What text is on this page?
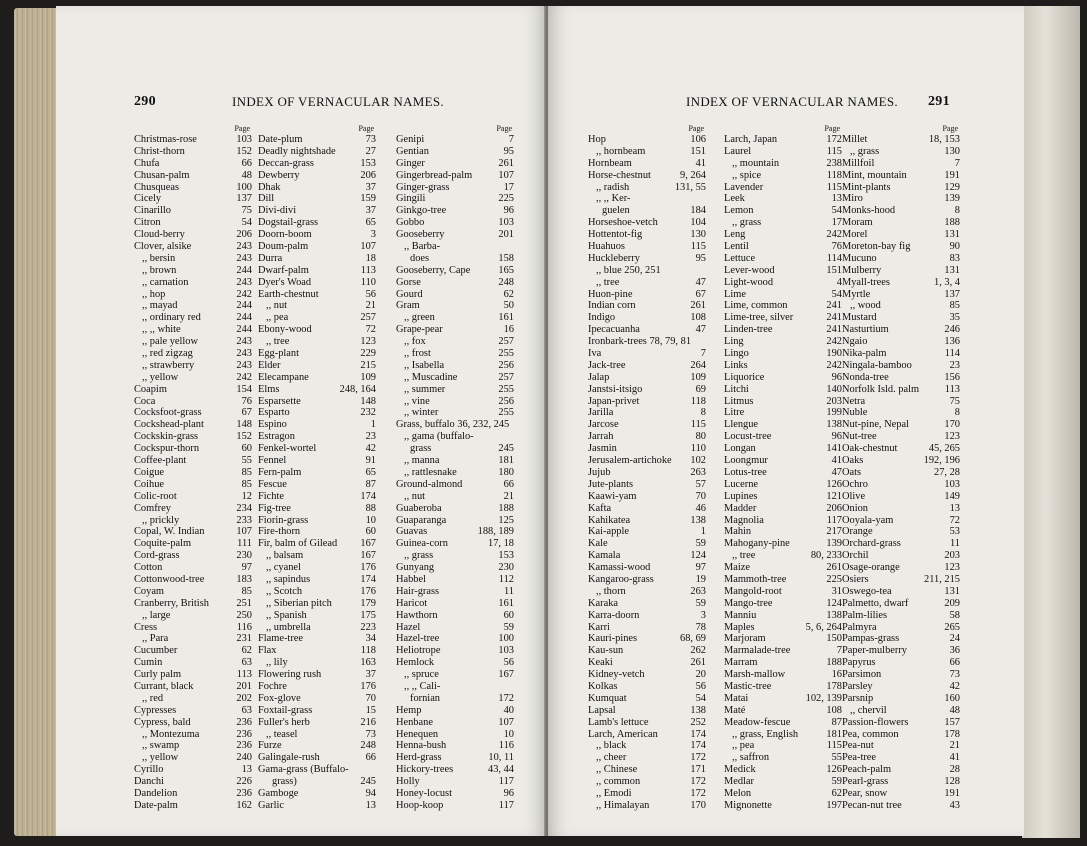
290	INDEX OF VERNACULAR NAMES.
Page
Christmas-rose	103
Christ-thorn	152
Chufa	66
Chusan-palm	48
Chusqueas	100
Cicely	137
Cinarillo	75
Citron	54
Cloud-berry	206
Clover, alsike	243
,, bersin	243
,, brown	244
,, carnation	243
,, hop	242
,, mayad	244
,, ordinary red	244
,, ,, white	244
,, pale yellow	243
,, red zigzag	243
,, strawberry	243
,, yellow	242
Coapim	154
Coca	76
Cocksfoot-grass	67
Cockshead-plant	148
Cockskin-grass	152
Cockspur-thorn	60
Coffee-plant	55
Coigue	85
Coihue	85
Colic-root	12
Comfrey	234
,, prickly	233
Copal, W. Indian	107
Coquite-palm	111
Cord-grass	230
Cotton	97
Cottonwood-tree	183
Coyam	85
Cranberry, British	251
,, large	250
Cress	116
,, Para	231
Cucumber	62
Cumin	63
Curly palm	113
Currant, black	201
,, red	202
Cypresses	63
Cypress, bald	236
,, Montezuma	236
,, swamp	236
,, yellow	240
Cyrillo	13
Danchi	226
Dandelion	236
Date-palm	162
Page
Date-plum	73
Deadly nightshade	27
Deccan-grass	153
Dewberry	206
Dhak	37
Dill	159
Divi-divi	37
Dogstail-grass	65
Doorn-boom	3
Doum-palm	107
Durra	18
Dwarf-palm	113
Dyer's Woad	110
Earth-chestnut	56
,, nut	21
,, pea	257
Ebony-wood	72
,, tree	123
Egg-plant	229
Elder	215
Elecampane	109
Elms	248, 164
Esparsette	148
Esparto	232
Espino	1
Estragon	23
Fenkel-wortel	42
Fennel	91
Fern-palm	65
Fescue	87
Fichte	174
Fig-tree	88
Fiorin-grass	10
Fire-thorn	60
Fir, balm of Gilead	167
,, balsam	167
,, cyanel	176
,, sapindus	174
,, Scotch	176
,, Siberian pitch	179
,, Spanish	175
,, umbrella	223
Flame-tree	34
Flax	118
,, lily	163
Flowering rush	37
Fochre	176
Fox-glove	70
Foxtail-grass	15
Fuller's herb	216
,, teasel	73
Furze	248
Galingale-rush	66
Gama-grass (Buffalo-
grass)	245
Gamboge	94
Garlic	13
Page
Genipi	7
Gentian	95
Ginger	261
Gingerbread-palm	107
Ginger-grass	17
Gingili	225
Ginkgo-tree	96
Gobbo	103
Gooseberry	201
,, Barba-
does	158
Gooseberry, Cape	165
Gorse	248
Gourd	62
Gram	50
,, green	161
Grape-pear	16
,, fox	257
,, frost	255
,, Isabella	256
,, Muscadine	257
,, summer	255
,, vine	256
,, winter	255
Grass, buffalo 36, 232, 245
,, gama (buffalo-
grass	245
,, manna	181
,, rattlesnake	180
Ground-almond	66
,, nut	21
Guaberoba	188
Guaparanga	125
Guavas	188, 189
Guinea-corn	17, 18
,, grass	153
Gunyang	230
Habbel	112
Hair-grass	11
Haricot	161
Hawthorn	60
Hazel	59
Hazel-tree	100
Heliotrope	103
Hemlock	56
,, spruce	167
,, ,, Cali-
fornian	172
Hemp	40
Henbane	107
Henequen	10
Henna-bush	116
Herd-grass	10, 11
Hickory-trees	43, 44
Holly	117
Honey-locust	96
Hoop-koop	117
INDEX OF VERNACULAR NAMES. 291
Page
Hop	106
,, hornbeam	151
Hornbeam	41
Horse-chestnut	9, 264
,, radish	131, 55
,, ,, Ker-
guelen	184
Horseshoe-vetch	104
Hottentot-fig	130
Huahuos	115
Huckleberry	95
,, blue 250, 251
,, tree	47
Huon-pine	67
Indian corn	261
Indigo	108
Ipecacuanha	47
Ironbark-trees 78, 79, 81
Iva	7
Jack-tree	264
Jalap	109
Janstsi-itsigo	69
Japan-privet	118
Jarilla	8
Jarcose	115
Jarrah	80
Jasmin	110
Jerusalem-artichoke	102
Jujub	263
Jute-plants	57
Kaawi-yam	70
Kafta	46
Kahikatea	138
Kai-apple	1
Kale	59
Kamala	124
Kamassi-wood	97
Kangaroo-grass	19
,, thorn	263
Karaka	59
Karra-doorn	3
Karri	78
Kauri-pines	68, 69
Kau-sun	262
Keaki	261
Kidney-vetch	20
Kolkas	56
Kumquat	54
Lapsal	138
Lamb's lettuce	252
Larch, American	174
,, black	174
,, cheer	172
,, Chinese	171
,, common	172
,, Emodi	172
,, Himalayan	170
Page
Larch, Japan	172
Laurel	115
,, mountain	238
,, spice	118
Lavender	115
Leek	13
Lemon	54
,, grass	17
Leng	242
Lentil	76
Lettuce	114
Lever-wood	151
Light-wood	4
Lime	54
Lime, common	241
Lime-tree, silver	241
Linden-tree	241
Ling	242
Lingo	190
Links	242
Liquorice	96
Litchi	140
Litmus	203
Litre	199
Llengue	138
Locust-tree	96
Longan	141
Loongmur	41
Lotus-tree	47
Lucerne	126
Lupines	121
Madder	206
Magnolia	117
Mahin	217
Mahogany-pine	139
,, tree	80, 233
Maize	261
Mammoth-tree	225
Mangold-root	31
Mango-tree	124
Manniu	138
Maples	5, 6, 264
Marjoram	150
Marmalade-tree	7
Marram	188
Marsh-mallow	16
Mastic-tree	178
Matai	102, 139
Maté	108
Meadow-fescue	87
,, grass, English	181
,, pea	115
,, saffron	55
Medick	126
Medlar	59
Melon	62
Mignonette	197
Page
Millet	18, 153
,, grass	130
Millfoil	7
Mint, mountain	191
Mint-plants	129
Miro	139
Monks-hood	8
Moram	188
Morel	131
Moreton-bay fig	90
Mucuno	83
Mulberry	131
Myall-trees	1, 3, 4
Myrtle	137
,, wood	85
Mustard	35
Nasturtium	246
Ngaio	136
Nika-palm	114
Ningala-bamboo	23
Nonda-tree	156
Norfolk Isld. palm	113
Netra	75
Nuble	8
Nut-pine, Nepal	170
Nut-tree	123
Oak-chestnut	45, 265
Oaks	192, 196
Oats	27, 28
Ochro	103
Olive	149
Onion	13
Ooyala-yam	72
Orange	53
Orchard-grass	11
Orchil	203
Osage-orange	123
Osiers	211, 215
Oswego-tea	131
Palmetto, dwarf	209
Palm-lilies	58
Palmyra	265
Pampas-grass	24
Paper-mulberry	36
Papyrus	66
Parsimon	73
Parsley	42
Parsnip	160
,, chervil	48
Passion-flowers	157
Pea, common	178
Pea-nut	21
Pea-tree	41
Peach-palm	28
Pearl-grass	128
Pear, snow	191
Pecan-nut tree	43
